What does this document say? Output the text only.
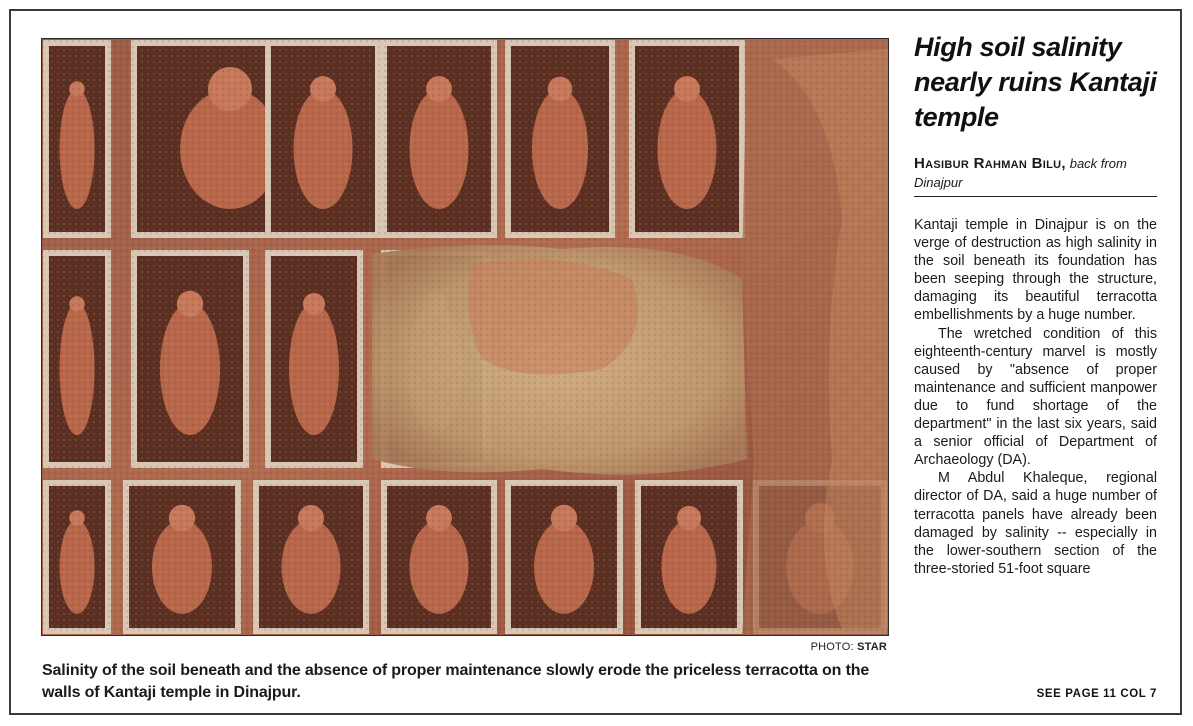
PHOTO: STAR
Salinity of the soil beneath and the absence of proper maintenance slowly erode the priceless terracotta on the walls of Kantaji temple in Dinajpur.
High soil salinity nearly ruins Kantaji temple
Hasibur Rahman Bilu, back from Dinajpur

Kantaji temple in Dinajpur is on the verge of destruction as high salinity in the soil beneath its foundation has been seeping through the structure, damaging its beautiful terracotta embellishments by a huge number.

The wretched condition of this eighteenth-century marvel is mostly caused by "absence of proper maintenance and sufficient manpower due to fund shortage of the department" in the last six years, said a senior official of Department of Archaeology (DA).

M Abdul Khaleque, regional director of DA, said a huge number of terracotta panels have already been damaged by salinity -- especially in the lower-southern section of the three-storied 51-foot square

SEE PAGE 11 COL 7
